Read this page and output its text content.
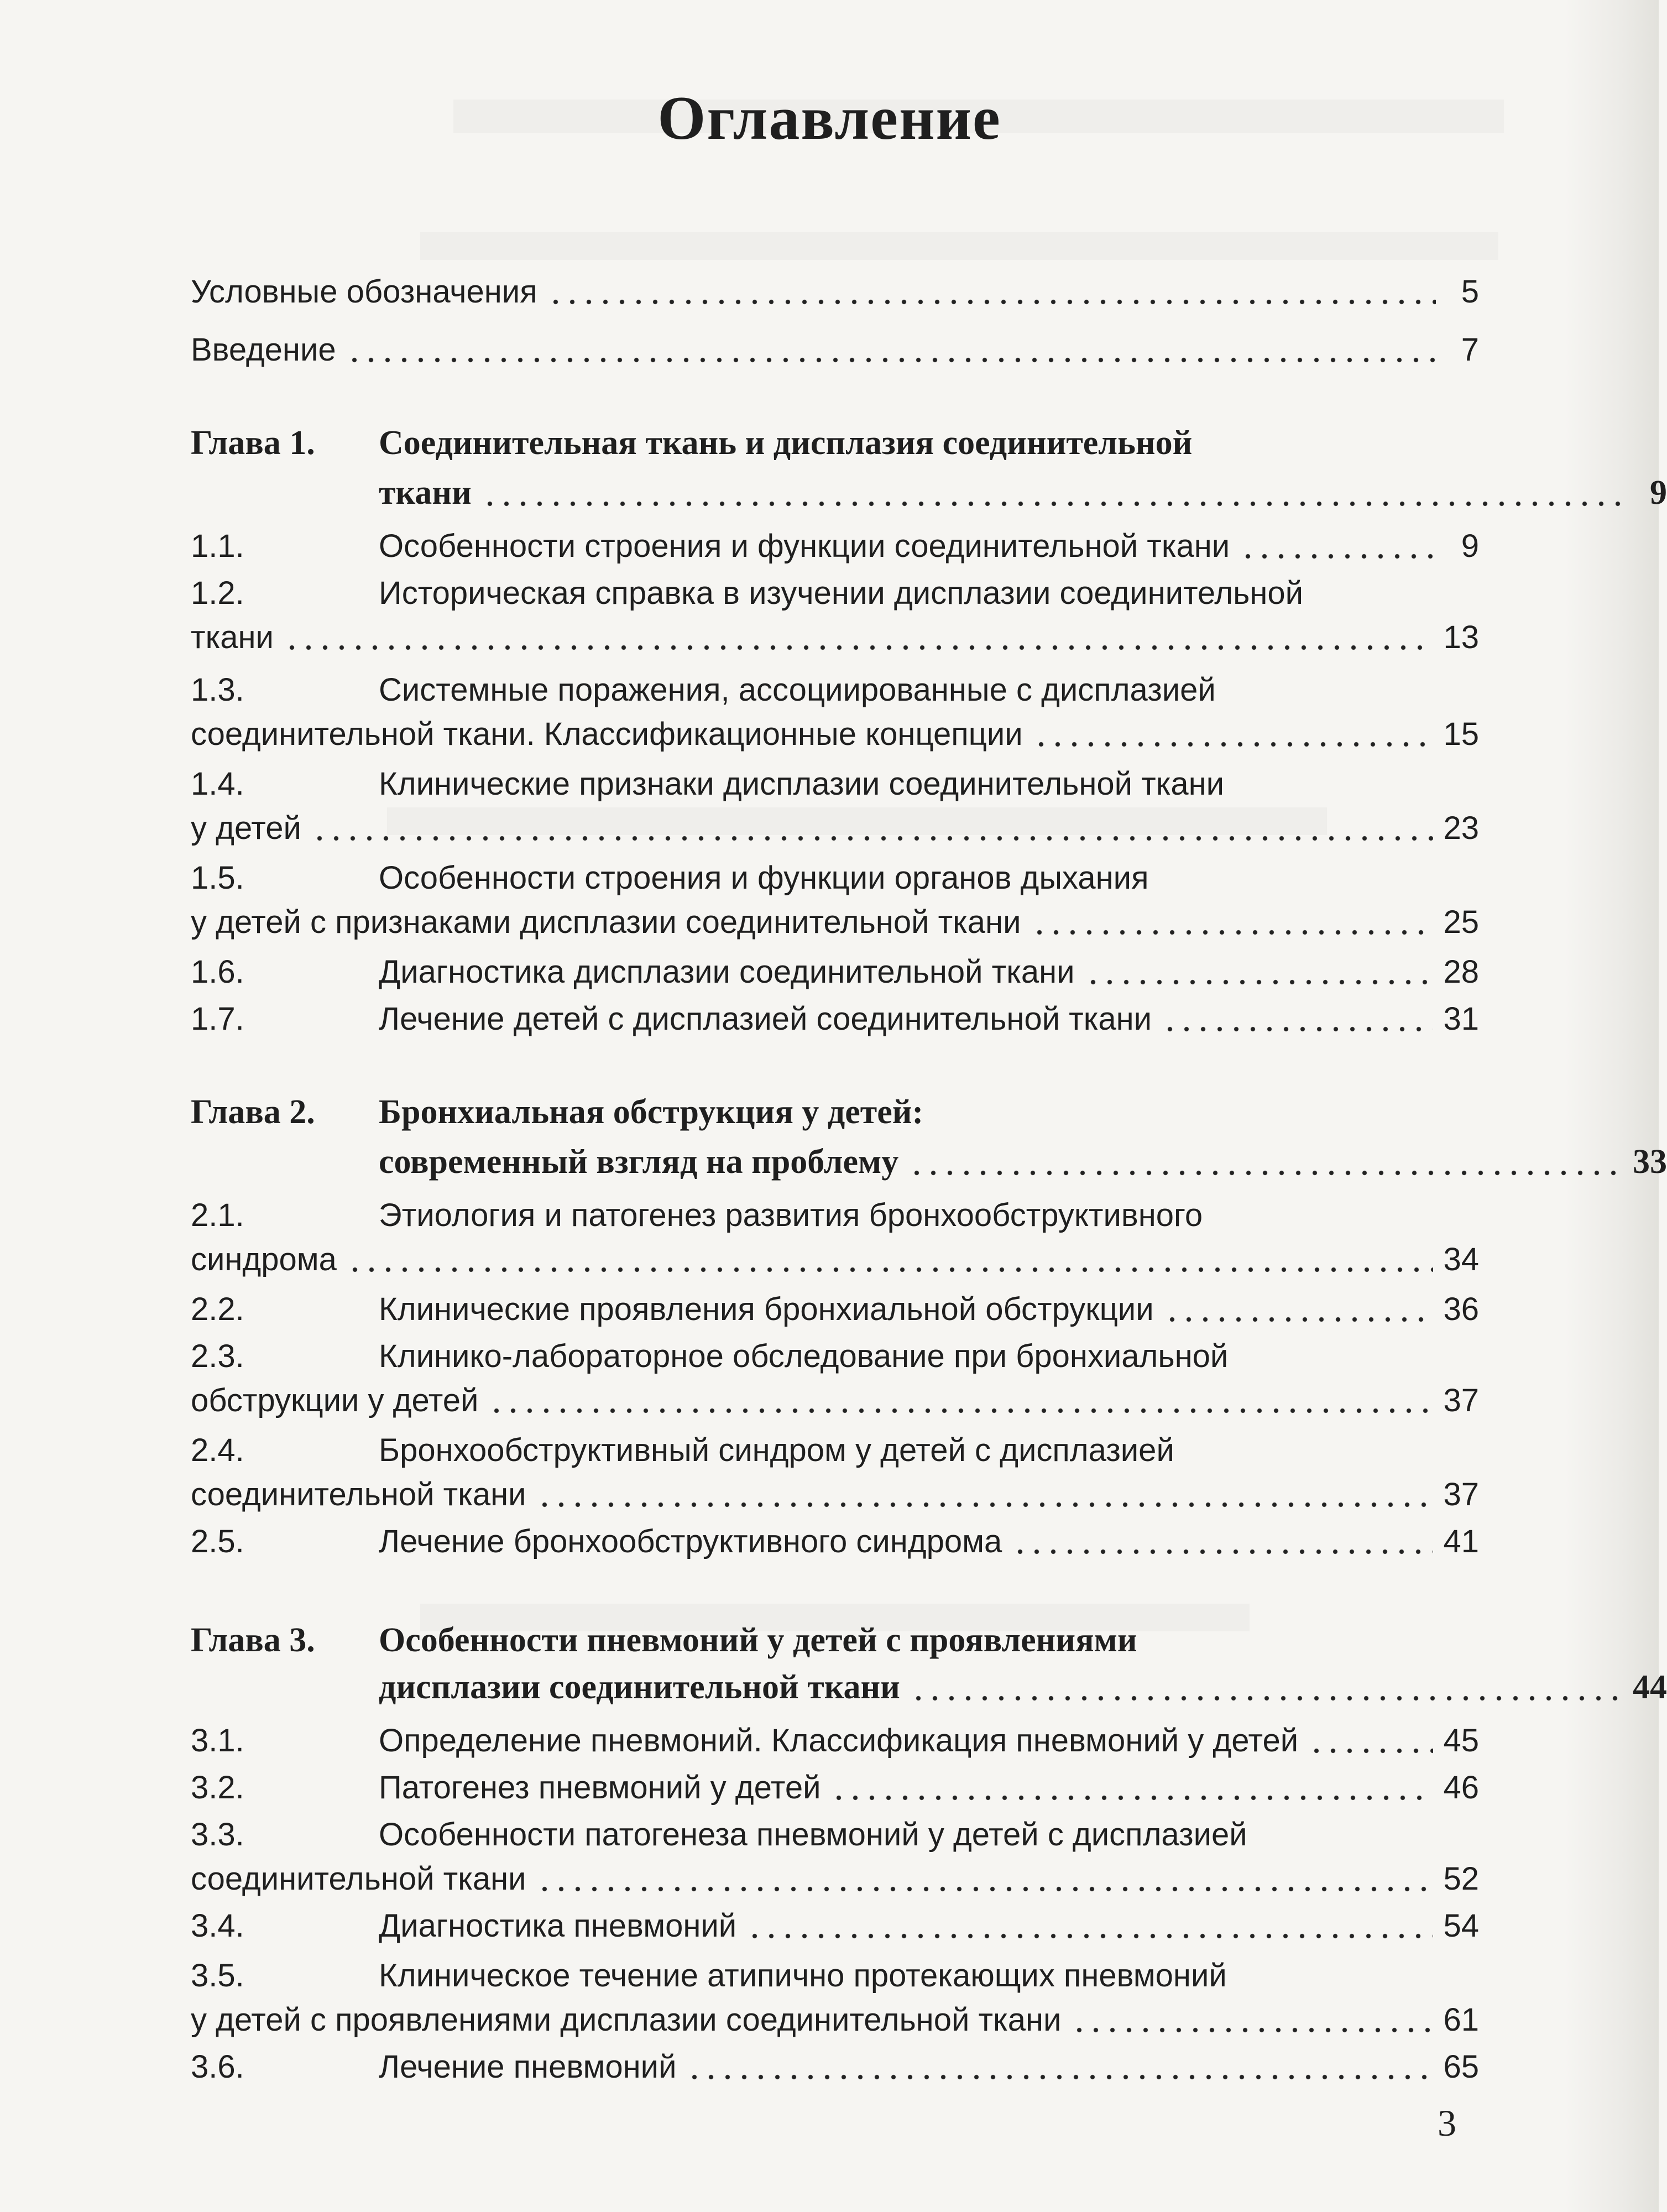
Оглавление
Условные обозначения	5
Введение	7
Глава 1.	Соединительная ткань и дисплазия соединительной
ткани	9
1.1.	Особенности строения и функции соединительной ткани	9
1.2.	Историческая справка в изучении дисплазии соединительной
ткани	13
1.3.	Системные поражения, ассоциированные с дисплазией
соединительной ткани. Классификационные концепции	15
1.4.	Клинические признаки дисплазии соединительной ткани
у детей	23
1.5.	Особенности строения и функции органов дыхания
у детей с признаками дисплазии соединительной ткани	25
1.6.	Диагностика дисплазии соединительной ткани	28
1.7.	Лечение детей с дисплазией соединительной ткани	31
Глава 2.	Бронхиальная обструкция у детей:
современный взгляд на проблему	33
2.1.	Этиология и патогенез развития бронхообструктивного
синдрома	34
2.2.	Клинические проявления бронхиальной обструкции	36
2.3.	Клинико-лабораторное обследование при бронхиальной
обструкции у детей	37
2.4.	Бронхообструктивный синдром у детей с дисплазией
соединительной ткани	37
2.5.	Лечение бронхообструктивного синдрома	41
Глава 3.	Особенности пневмоний у детей с проявлениями
дисплазии соединительной ткани	44
3.1.	Определение пневмоний. Классификация пневмоний у детей	45
3.2.	Патогенез пневмоний у детей	46
3.3.	Особенности патогенеза пневмоний у детей с дисплазией
соединительной ткани	52
3.4.	Диагностика пневмоний	54
3.5.	Клиническое течение атипично протекающих пневмоний
у детей с проявлениями дисплазии соединительной ткани	61
3.6.	Лечение пневмоний	65
3
